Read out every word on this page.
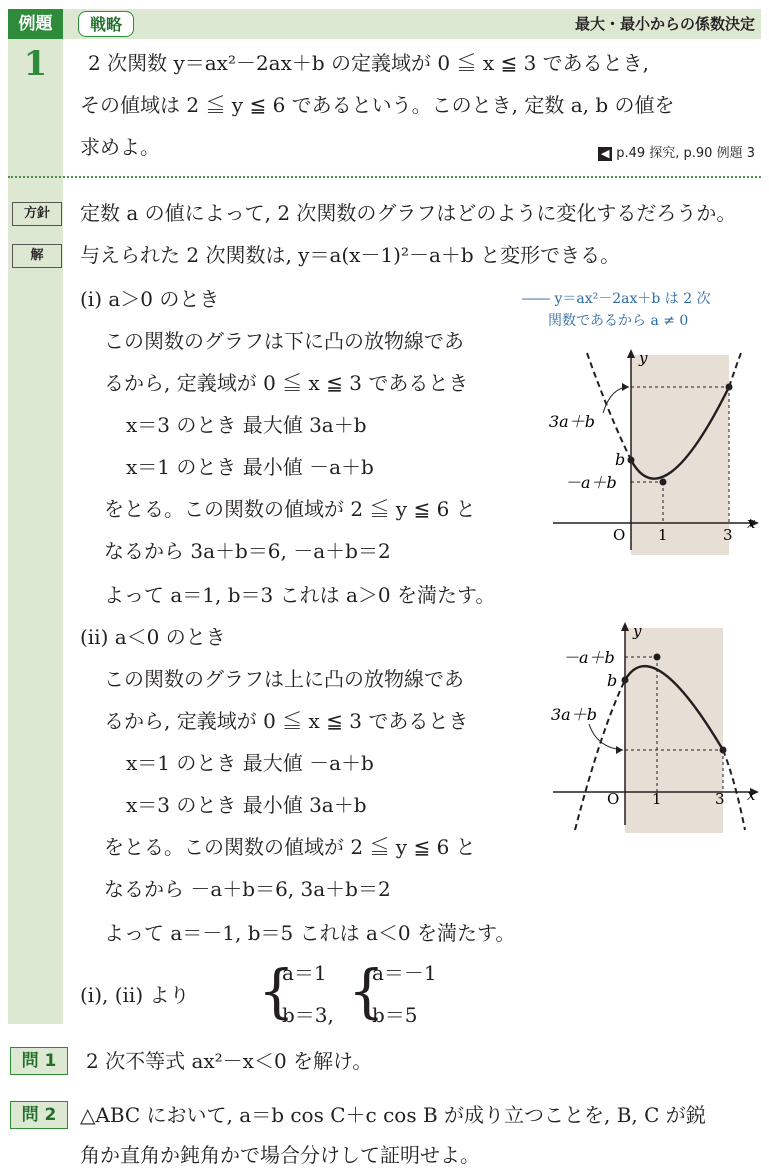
例題	戦略	最大・最小からの係数決定
1	2 次関数 y＝ax²－2ax＋b の定義域が 0 ≦ x ≦ 3 であるとき,
その値域は 2 ≦ y ≦ 6 であるという。このとき, 定数 a, b の値を
求めよ。	◀ p.49 探究, p.90 例題 3
方針	定数 a の値によって, 2 次関数のグラフはどのように変化するだろうか。
解	与えられた 2 次関数は, y＝a(x－1)²－a＋b と変形できる。
―― y＝ax²－2ax＋b は 2 次
関数であるから a ≠ 0
(ⅰ) a＞0 のとき
この関数のグラフは下に凸の放物線であ
るから, 定義域が 0 ≦ x ≦ 3 であるとき
x＝3 のとき 最大値 3a＋b
x＝1 のとき 最小値 －a＋b
をとる。この関数の値域が 2 ≦ y ≦ 6 と
なるから 3a＋b＝6, －a＋b＝2
よって a＝1, b＝3 これは a＞0 を満たす。
y
x
O 1	3
3a＋b
b
－a＋b
(ⅱ) a＜0 のとき
この関数のグラフは上に凸の放物線であ
るから, 定義域が 0 ≦ x ≦ 3 であるとき
x＝1 のとき 最大値 －a＋b
x＝3 のとき 最小値 3a＋b
をとる。この関数の値域が 2 ≦ y ≦ 6 と
なるから －a＋b＝6, 3a＋b＝2
よって a＝－1, b＝5 これは a＜0 を満たす。
y
x
O 1	3
－a＋b
b
3a＋b
(ⅰ), (ⅱ) より {
a＝1
b＝3, {
a＝－1
b＝5
問 1	2 次不等式 ax²－x＜0 を解け。
問 2	△ABC において, a＝b cos C＋c cos B が成り立つことを, B, C が鋭
角か直角か鈍角かで場合分けして証明せよ。
